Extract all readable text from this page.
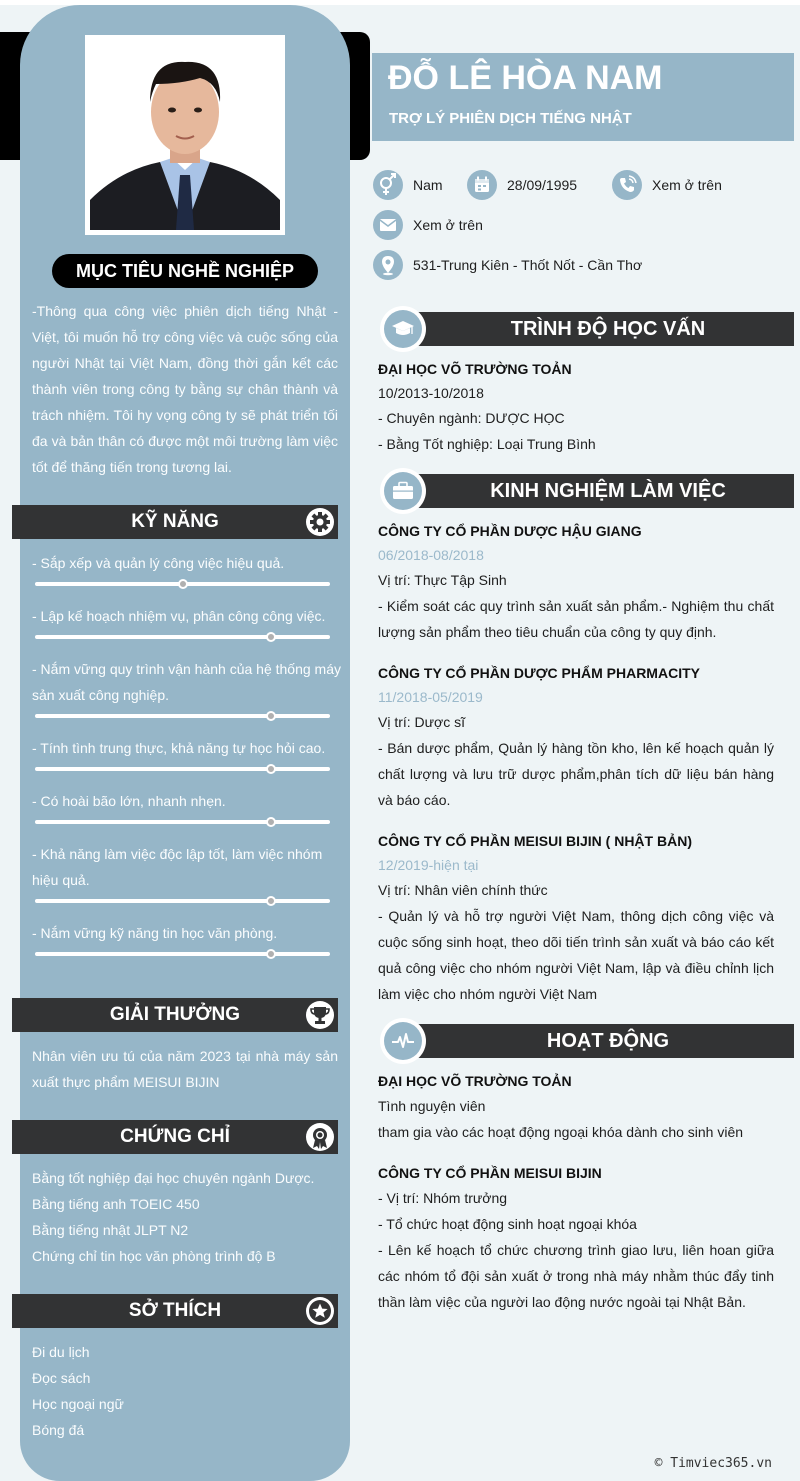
MỤC TIÊU NGHỀ NGHIỆP
-Thông qua công việc phiên dịch tiếng Nhật - Việt, tôi muốn hỗ trợ công việc và cuộc sống của người Nhật tại Việt Nam, đồng thời gắn kết các thành viên trong công ty bằng sự chân thành và trách nhiệm. Tôi hy vọng công ty sẽ phát triển tối đa và bản thân có được một môi trường làm việc tốt để thăng tiến trong tương lai.
KỸ NĂNG
- Sắp xếp và quản lý công việc hiệu quả.
- Lập kế hoạch nhiệm vụ, phân công công việc.
- Nắm vững quy trình vận hành của hệ thống máy sản xuất công nghiệp.
- Tính tình trung thực, khả năng tự học hỏi cao.
- Có hoài bão lớn, nhanh nhẹn.
- Khả năng làm việc độc lập tốt, làm việc nhóm hiệu quả.
- Nắm vững kỹ năng tin học văn phòng.
GIẢI THƯỞNG
Nhân viên ưu tú của năm 2023 tại nhà máy sản xuất thực phẩm MEISUI BIJIN
CHỨNG CHỈ
Bằng tốt nghiệp đại học chuyên ngành Dược.
Bằng tiếng anh TOEIC 450
Bằng tiếng nhật JLPT N2
Chứng chỉ tin học văn phòng trình độ B
SỞ THÍCH
Đi du lịch
Đọc sách
Học ngoại ngữ
Bóng đá
ĐỖ LÊ HÒA NAM
TRỢ LÝ PHIÊN DỊCH TIẾNG NHẬT
Nam	28/09/1995	Xem ở trên
Xem ở trên
531-Trung Kiên - Thốt Nốt - Cần Thơ
TRÌNH ĐỘ HỌC VẤN
ĐẠI HỌC VÕ TRƯỜNG TOẢN
10/2013-10/2018
- Chuyên ngành: DƯỢC HỌC
- Bằng Tốt nghiệp: Loại Trung Bình
KINH NGHIỆM LÀM VIỆC
CÔNG TY CỔ PHẦN DƯỢC HẬU GIANG
06/2018-08/2018
Vị trí: Thực Tập Sinh
- Kiểm soát các quy trình sản xuất sản phẩm.- Nghiệm thu chất lượng sản phẩm theo tiêu chuẩn của công ty quy định.
CÔNG TY CỔ PHẦN DƯỢC PHẨM PHARMACITY
11/2018-05/2019
Vị trí: Dược sĩ
- Bán dược phẩm, Quản lý hàng tồn kho, lên kế hoạch quản lý chất lượng và lưu trữ dược phẩm,phân tích dữ liệu bán hàng và báo cáo.
CÔNG TY CỔ PHẦN MEISUI BIJIN ( NHẬT BẢN)
12/2019-hiện tại
Vị trí: Nhân viên chính thức
- Quản lý và hỗ trợ người Việt Nam, thông dịch công việc và cuộc sống sinh hoạt, theo dõi tiến trình sản xuất và báo cáo kết quả công việc cho nhóm người Việt Nam, lập và điều chỉnh lịch làm việc cho nhóm người Việt Nam
HOẠT ĐỘNG
ĐẠI HỌC VÕ TRƯỜNG TOẢN
Tình nguyện viên
tham gia vào các hoạt động ngoại khóa dành cho sinh viên
CÔNG TY CỔ PHẦN MEISUI BIJIN
- Vị trí: Nhóm trưởng
- Tổ chức hoạt động sinh hoạt ngoại khóa
- Lên kế hoạch tổ chức chương trình giao lưu, liên hoan giữa các nhóm tổ đội sản xuất ở trong nhà máy nhằm thúc đẩy tinh thần làm việc của người lao động nước ngoài tại Nhật Bản.
© Timviec365.vn
